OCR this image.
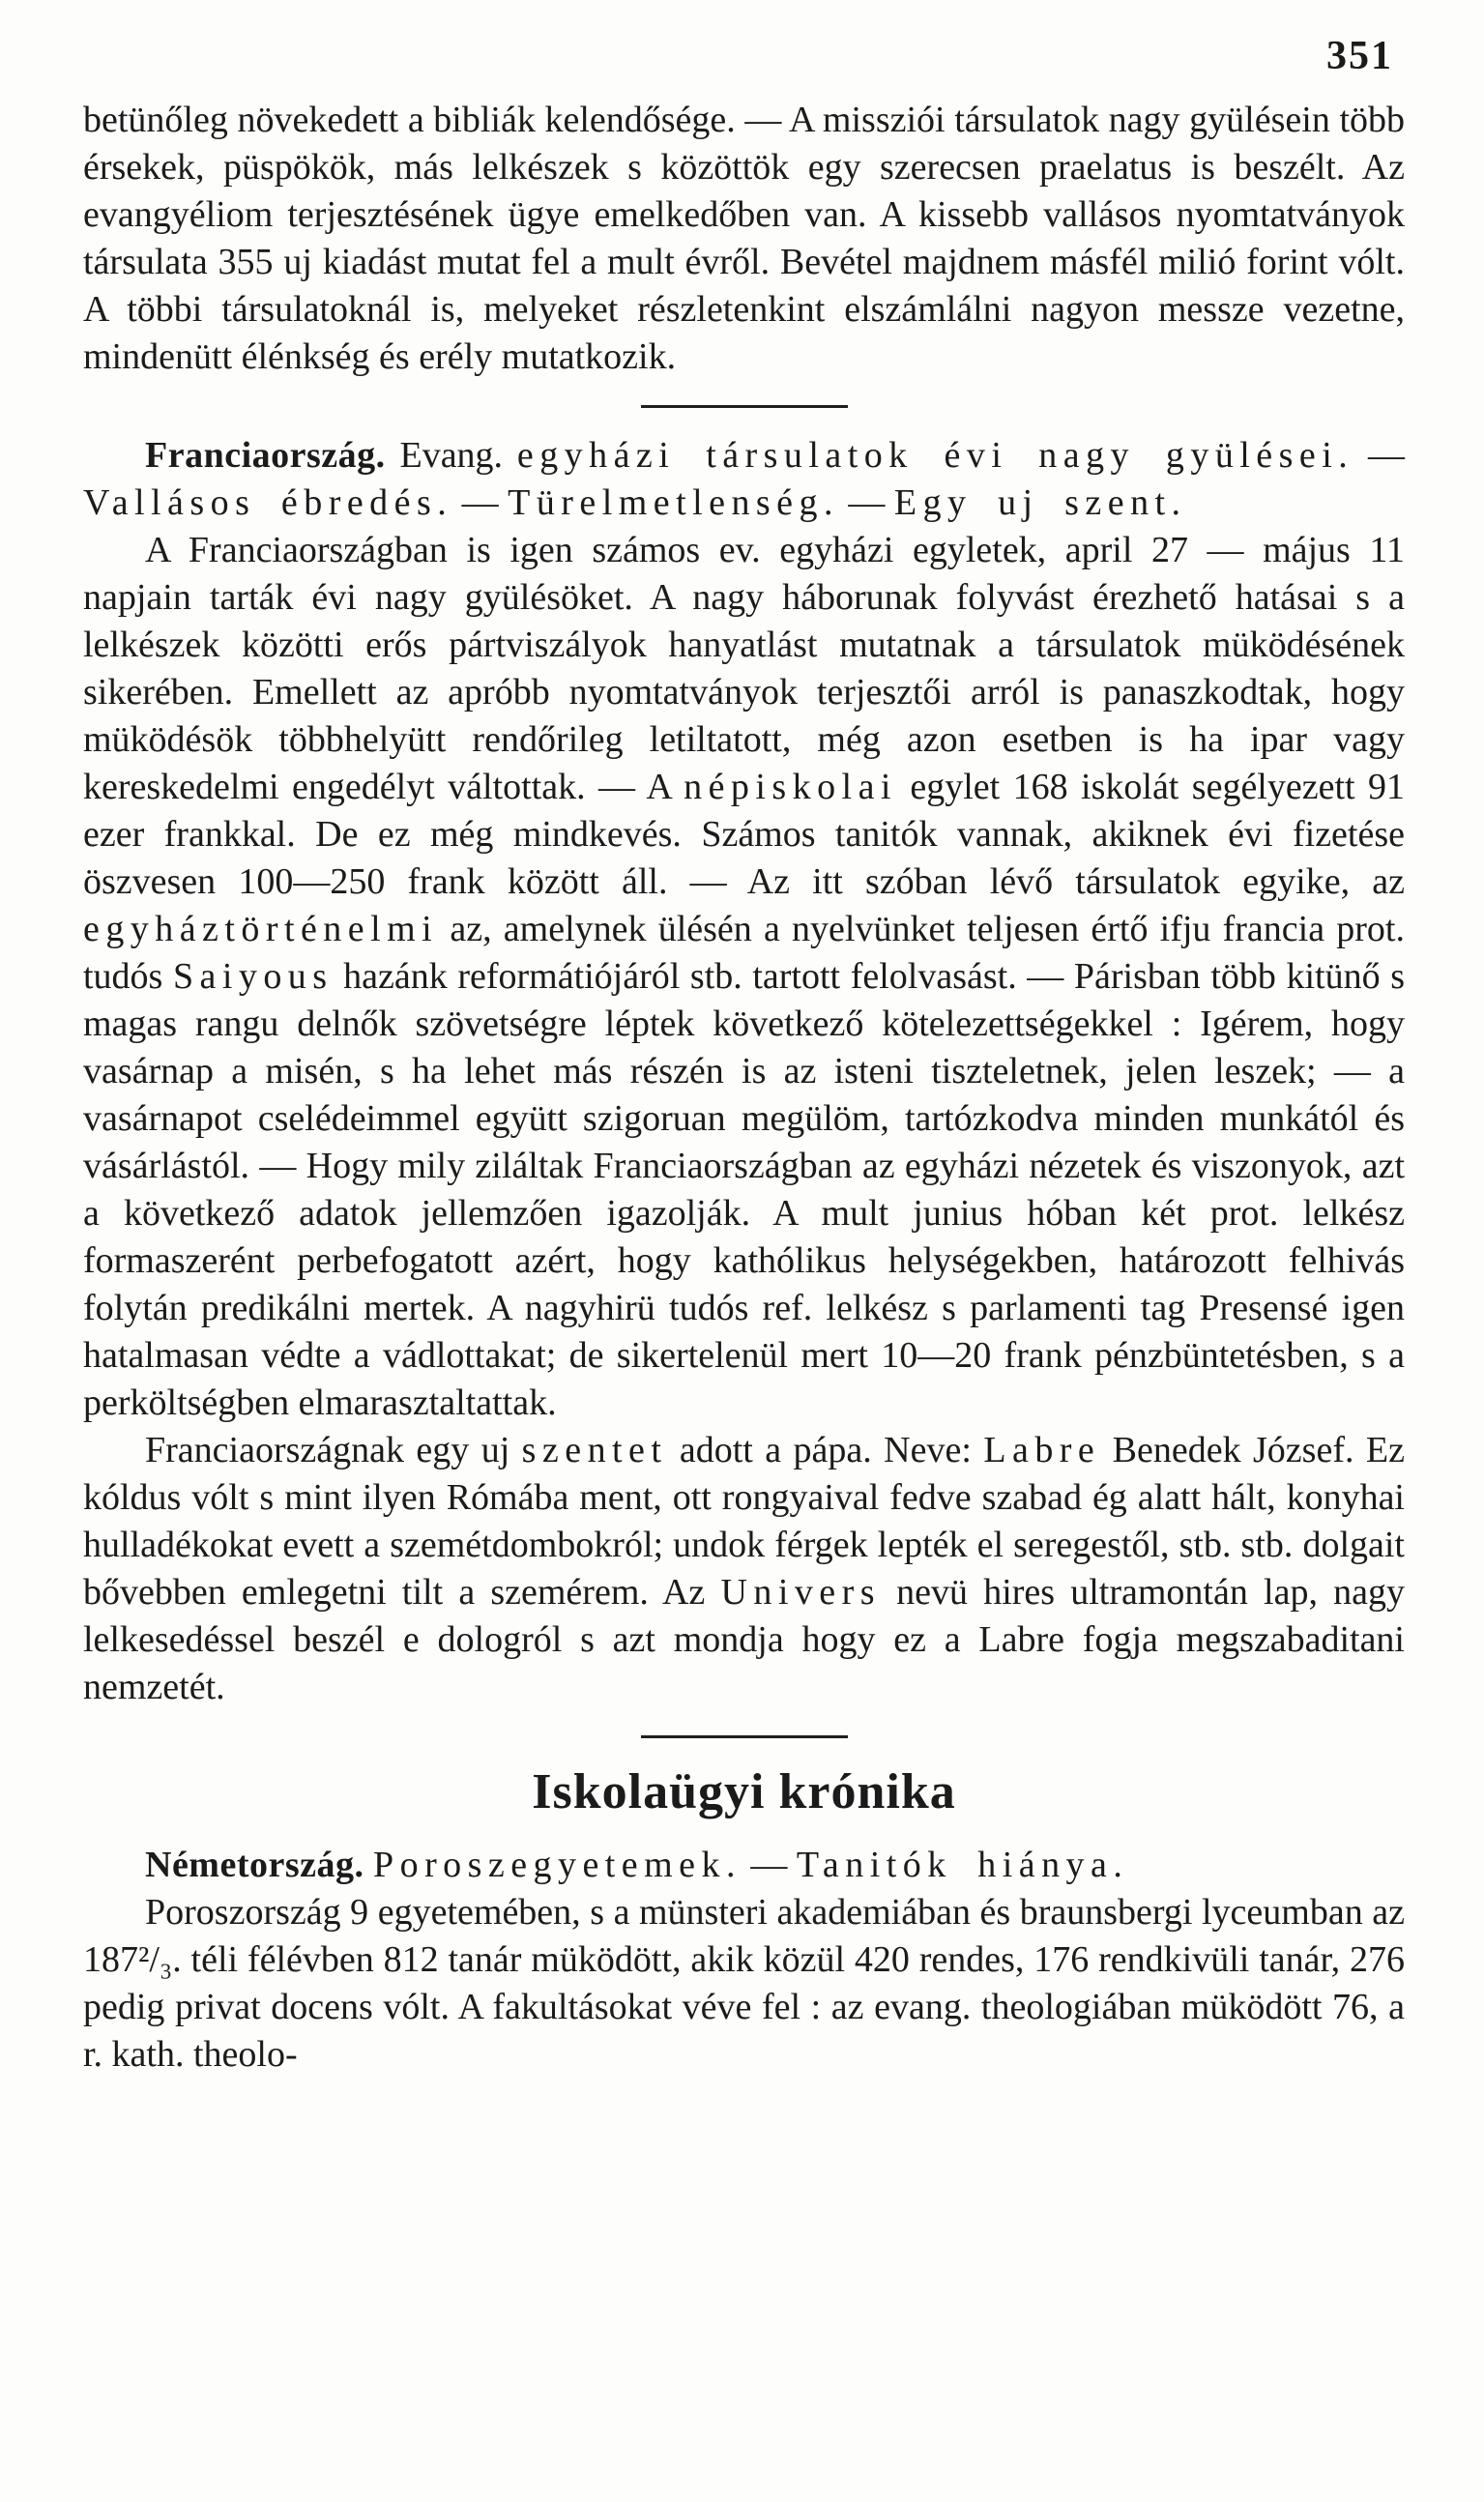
351

betünőleg növekedett a bibliák kelendősége. — A missziói társulatok nagy gyülésein több érsekek, püspökök, más lelkészek s közöttök egy szerecsen praelatus is beszélt. Az evangyéliom terjesztésének ügye emelkedőben van. A kissebb vallásos nyomtatványok társulata 355 uj kiadást mutat fel a mult évről. Bevétel majdnem másfél milió forint vólt. A többi társulatoknál is, melyeket részletenkint elszámlálni nagyon messze vezetne, mindenütt élénkség és erély mutatkozik.

Franciaország. Evang. egyházi társulatok évi nagy gyülései. — Vallásos ébredés. — Türelmetlenség. — Egy uj szent.

A Franciaországban is igen számos ev. egyházi egyletek, april 27 — május 11 napjain tarták évi nagy gyülésöket. A nagy háborunak folyvást érezhető hatásai s a lelkészek közötti erős pártviszályok hanyatlást mutatnak a társulatok müködésének sikerében. Emellett az apróbb nyomtatványok terjesztői arról is panaszkodtak, hogy müködésök többhelyütt rendőrileg letiltatott, még azon esetben is ha ipar vagy kereskedelmi engedélyt váltottak. — A népiskolai egylet 168 iskolát segélyezett 91 ezer frankkal. De ez még mindkevés. Számos tanitók vannak, akiknek évi fizetése öszvesen 100—250 frank között áll. — Az itt szóban lévő társulatok egyike, az egyháztörténelmi az, amelynek ülésén a nyelvünket teljesen értő ifju francia prot. tudós Saiyous hazánk reformátiójáról stb. tartott felolvasást. — Párisban több kitünő s magas rangu delnők szövetségre léptek következő kötelezettségekkel : Igérem, hogy vasárnap a misén, s ha lehet más részén is az isteni tiszteletnek, jelen leszek; — a vasárnapot cselédeimmel együtt szigoruan megülöm, tartózkodva minden munkától és vásárlástól. — Hogy mily ziláltak Franciaországban az egyházi nézetek és viszonyok, azt a következő adatok jellemzően igazolják. A mult junius hóban két prot. lelkész formaszerént perbefogatott azért, hogy kathólikus helységekben, határozott felhivás folytán predikálni mertek. A nagyhirü tudós ref. lelkész s parlamenti tag Presensé igen hatalmasan védte a vádlottakat; de sikertelenül mert 10—20 frank pénzbüntetésben, s a perköltségben elmarasztaltattak.

Franciaországnak egy uj szentet adott a pápa. Neve: Labre Benedek József. Ez kóldus vólt s mint ilyen Rómába ment, ott rongyaival fedve szabad ég alatt hált, konyhai hulladékokat evett a szemétdombokról; undok férgek lepték el seregestől, stb. stb. dolgait bővebben emlegetni tilt a szemérem. Az Univers nevü hires ultramontán lap, nagy lelkesedéssel beszél e dologról s azt mondja hogy ez a Labre fogja megszabaditani nemzetét.

Iskolaügyi krónika

Németország. Poroszegyetemek. — Tanitók hiánya.

Poroszország 9 egyetemében, s a münsteri akademiában és braunsbergi lyceumban az 187²/₃. téli félévben 812 tanár müködött, akik közül 420 rendes, 176 rendkivüli tanár, 276 pedig privat docens vólt. A fakultásokat véve fel : az evang. theologiában müködött 76, a r. kath. theolo-
